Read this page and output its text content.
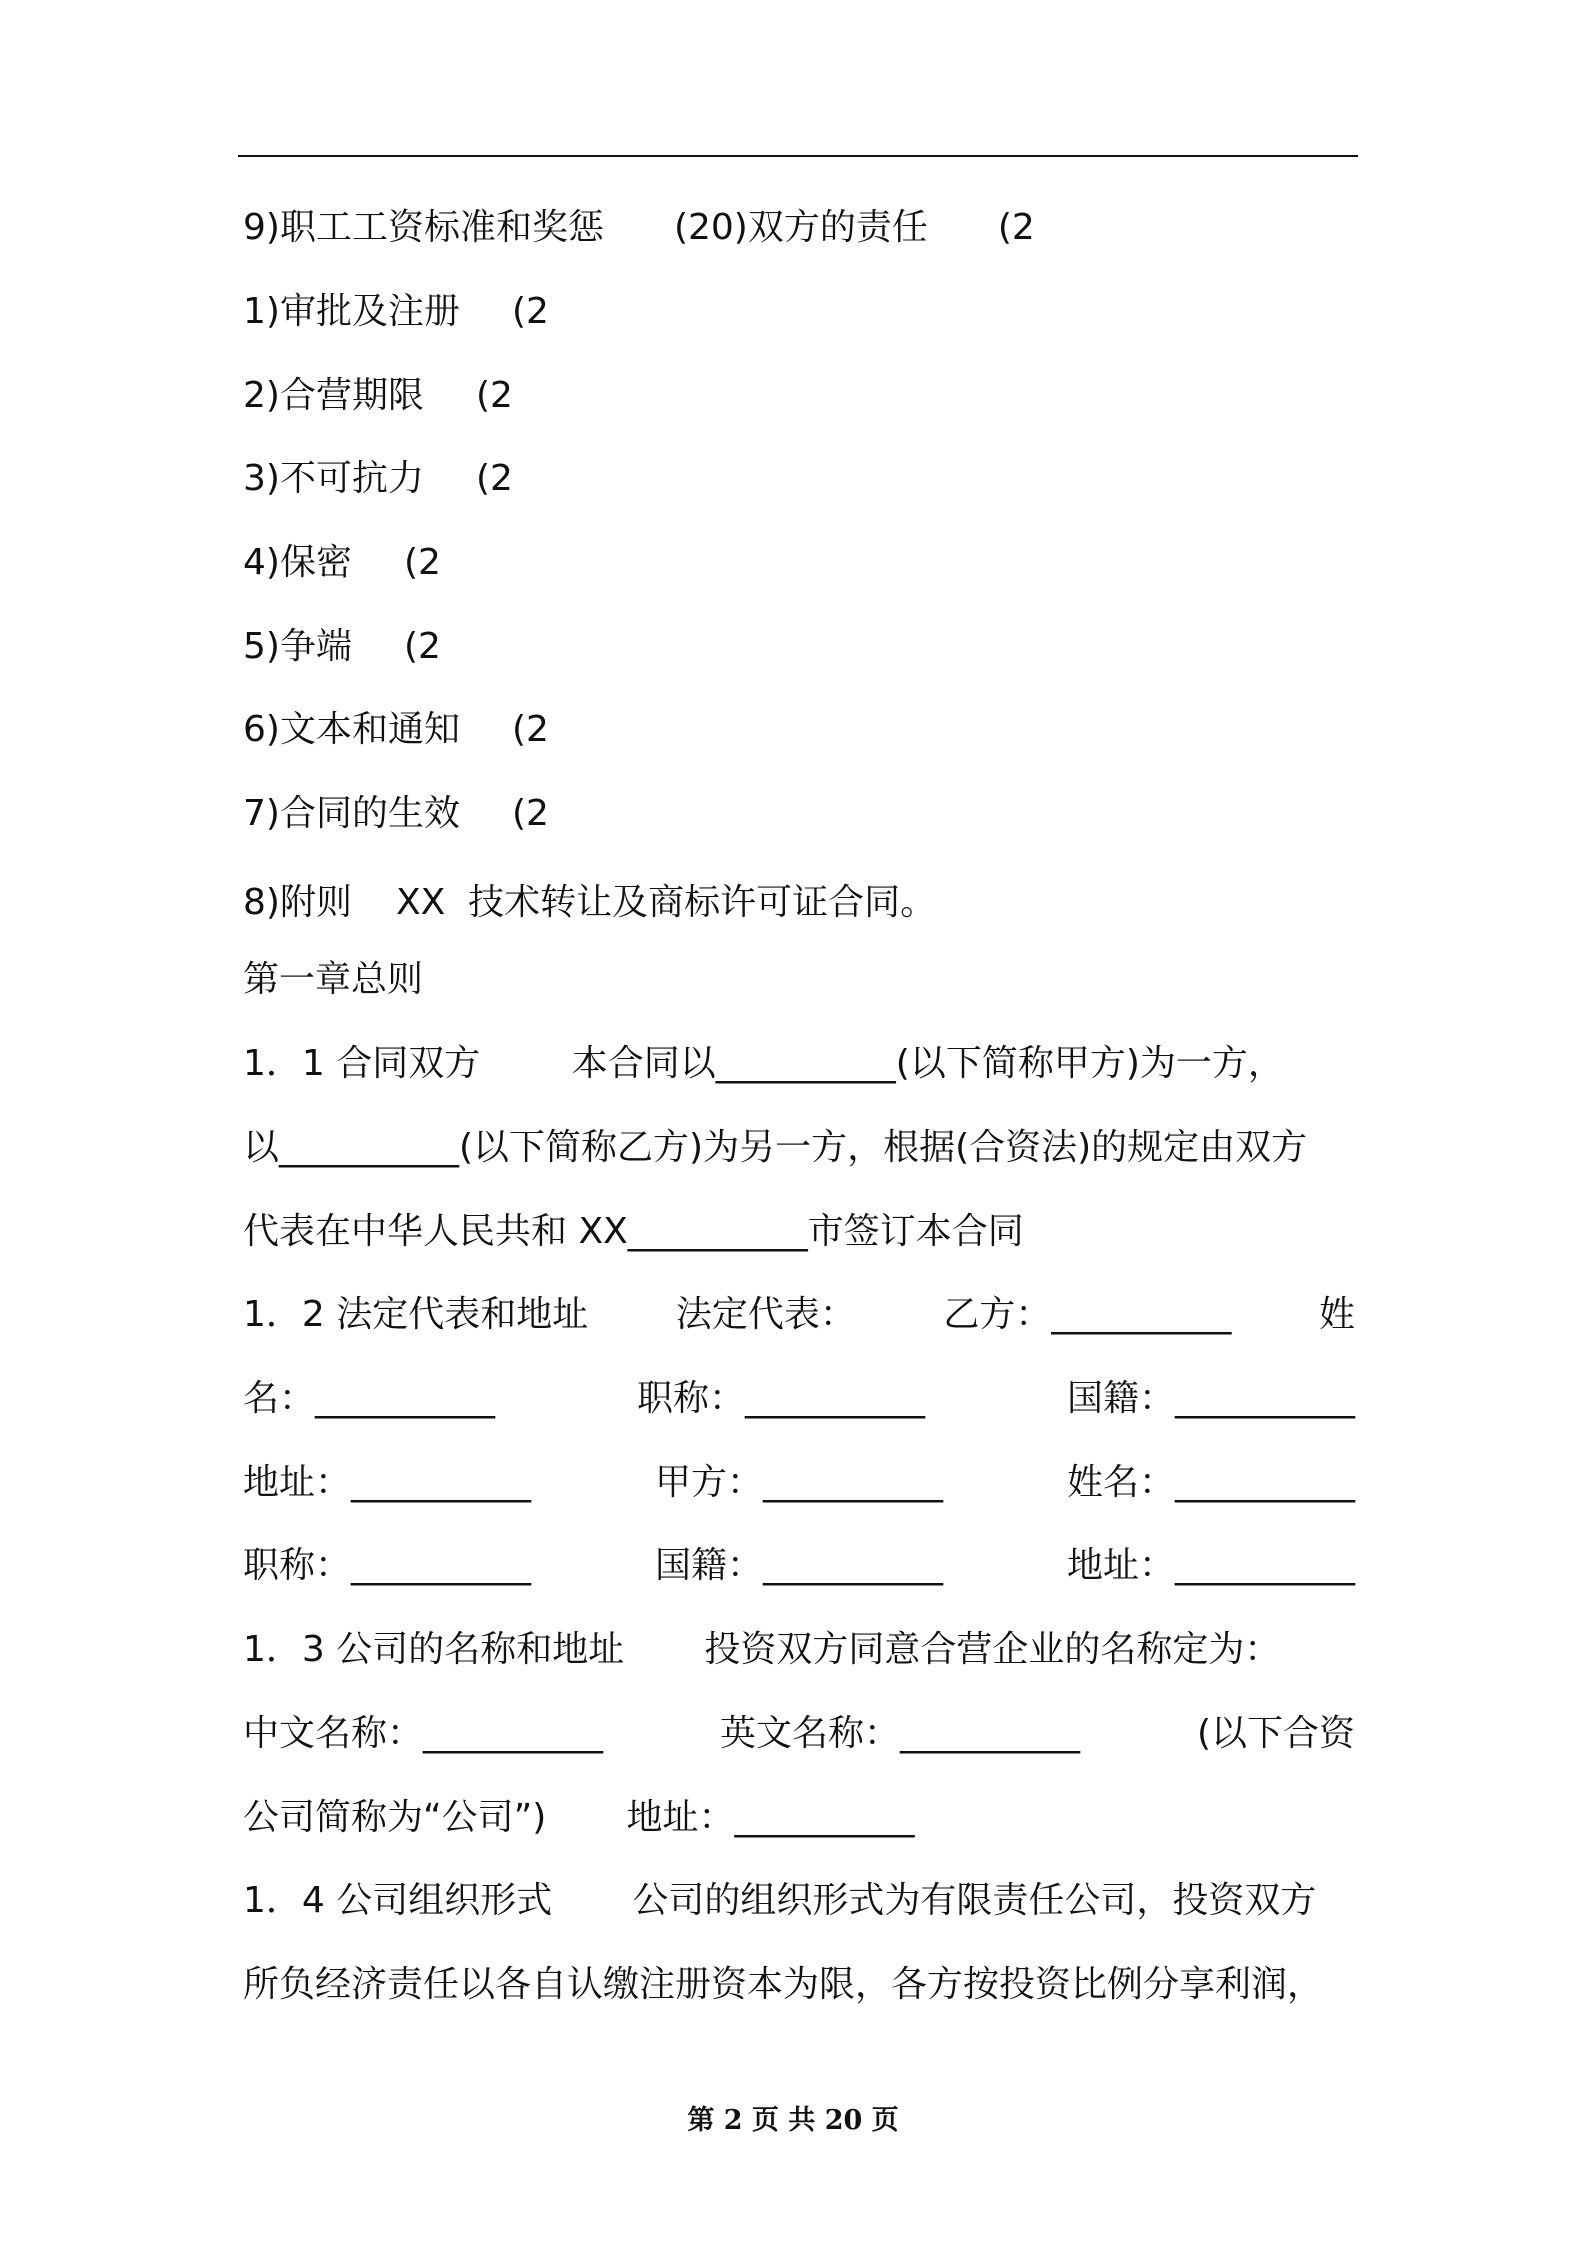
9)职工工资标准和奖惩 (20)双方的责任 (2
1)审批及注册 (2
2)合营期限 (2
3)不可抗力 (2
4)保密 (2
5)争端 (2
6)文本和通知 (2
7)合同的生效 (2
8)附则 XX  技术转让及商标许可证合同。
第一章总则
1．1 合同双方        本合同以__________(以下简称甲方)为一方，
以__________(以下简称乙方)为另一方，根据(合资法)的规定由双方
代表在中华人民共和 XX__________市签订本合同
1．2 法定代表和地址 法定代表： 乙方：__________ 姓
名：__________	职称：__________	国籍：__________
地址：__________	甲方：__________	姓名：__________
职称：__________	国籍：__________	地址：__________
1．3 公司的名称和地址       投资双方同意合营企业的名称定为：
中文名称：__________	英文名称：__________	(以下合资
公司简称为“公司”)       地址：__________
1．4 公司组织形式       公司的组织形式为有限责任公司，投资双方
所负经济责任以各自认缴注册资本为限，各方按投资比例分享利润，
第 2 页 共 20 页
